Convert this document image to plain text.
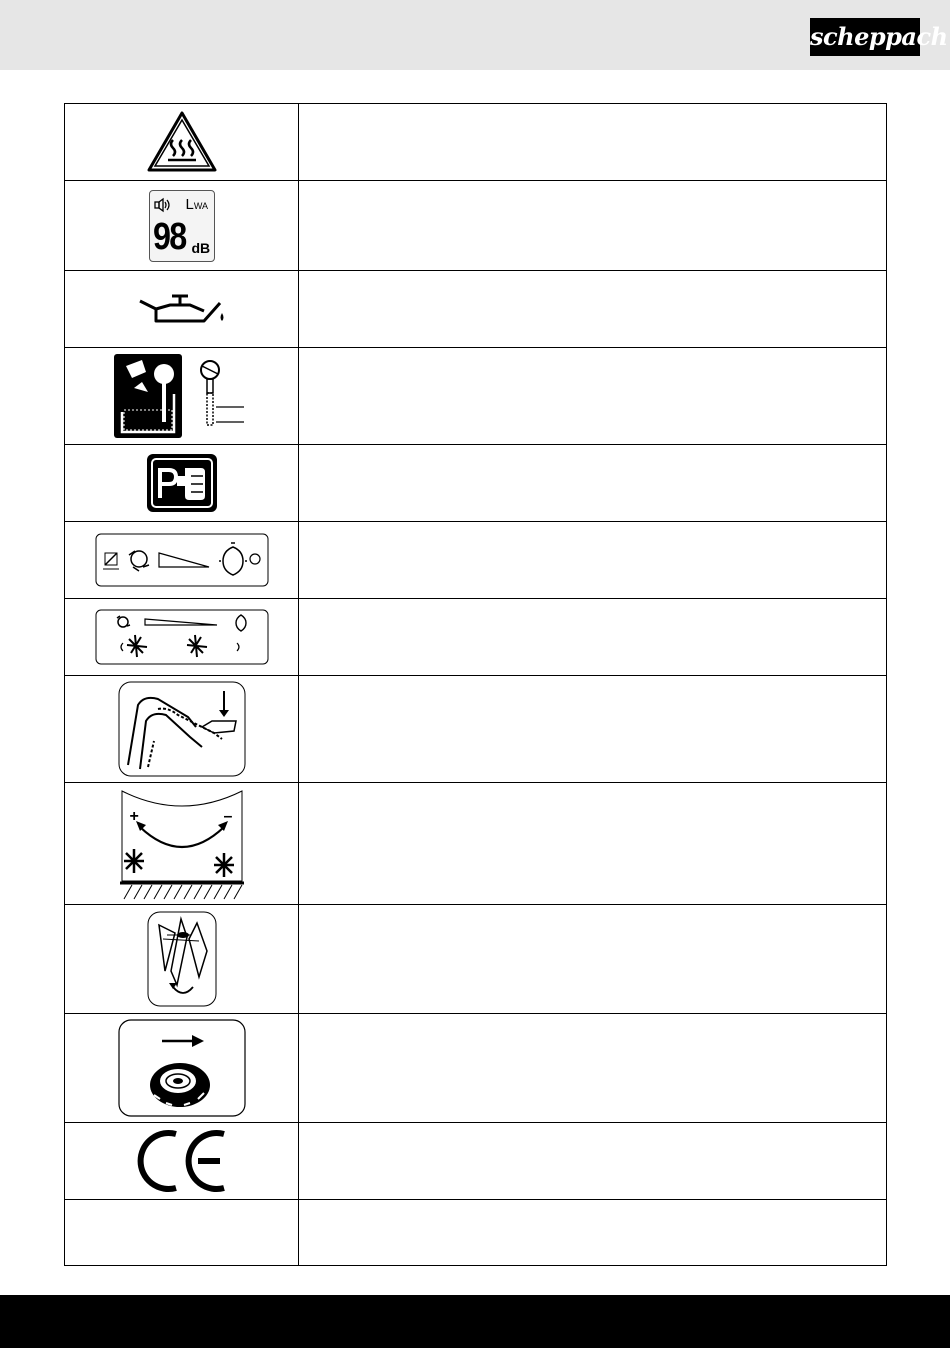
scheppach

LWA
98 dB	

+ –	
